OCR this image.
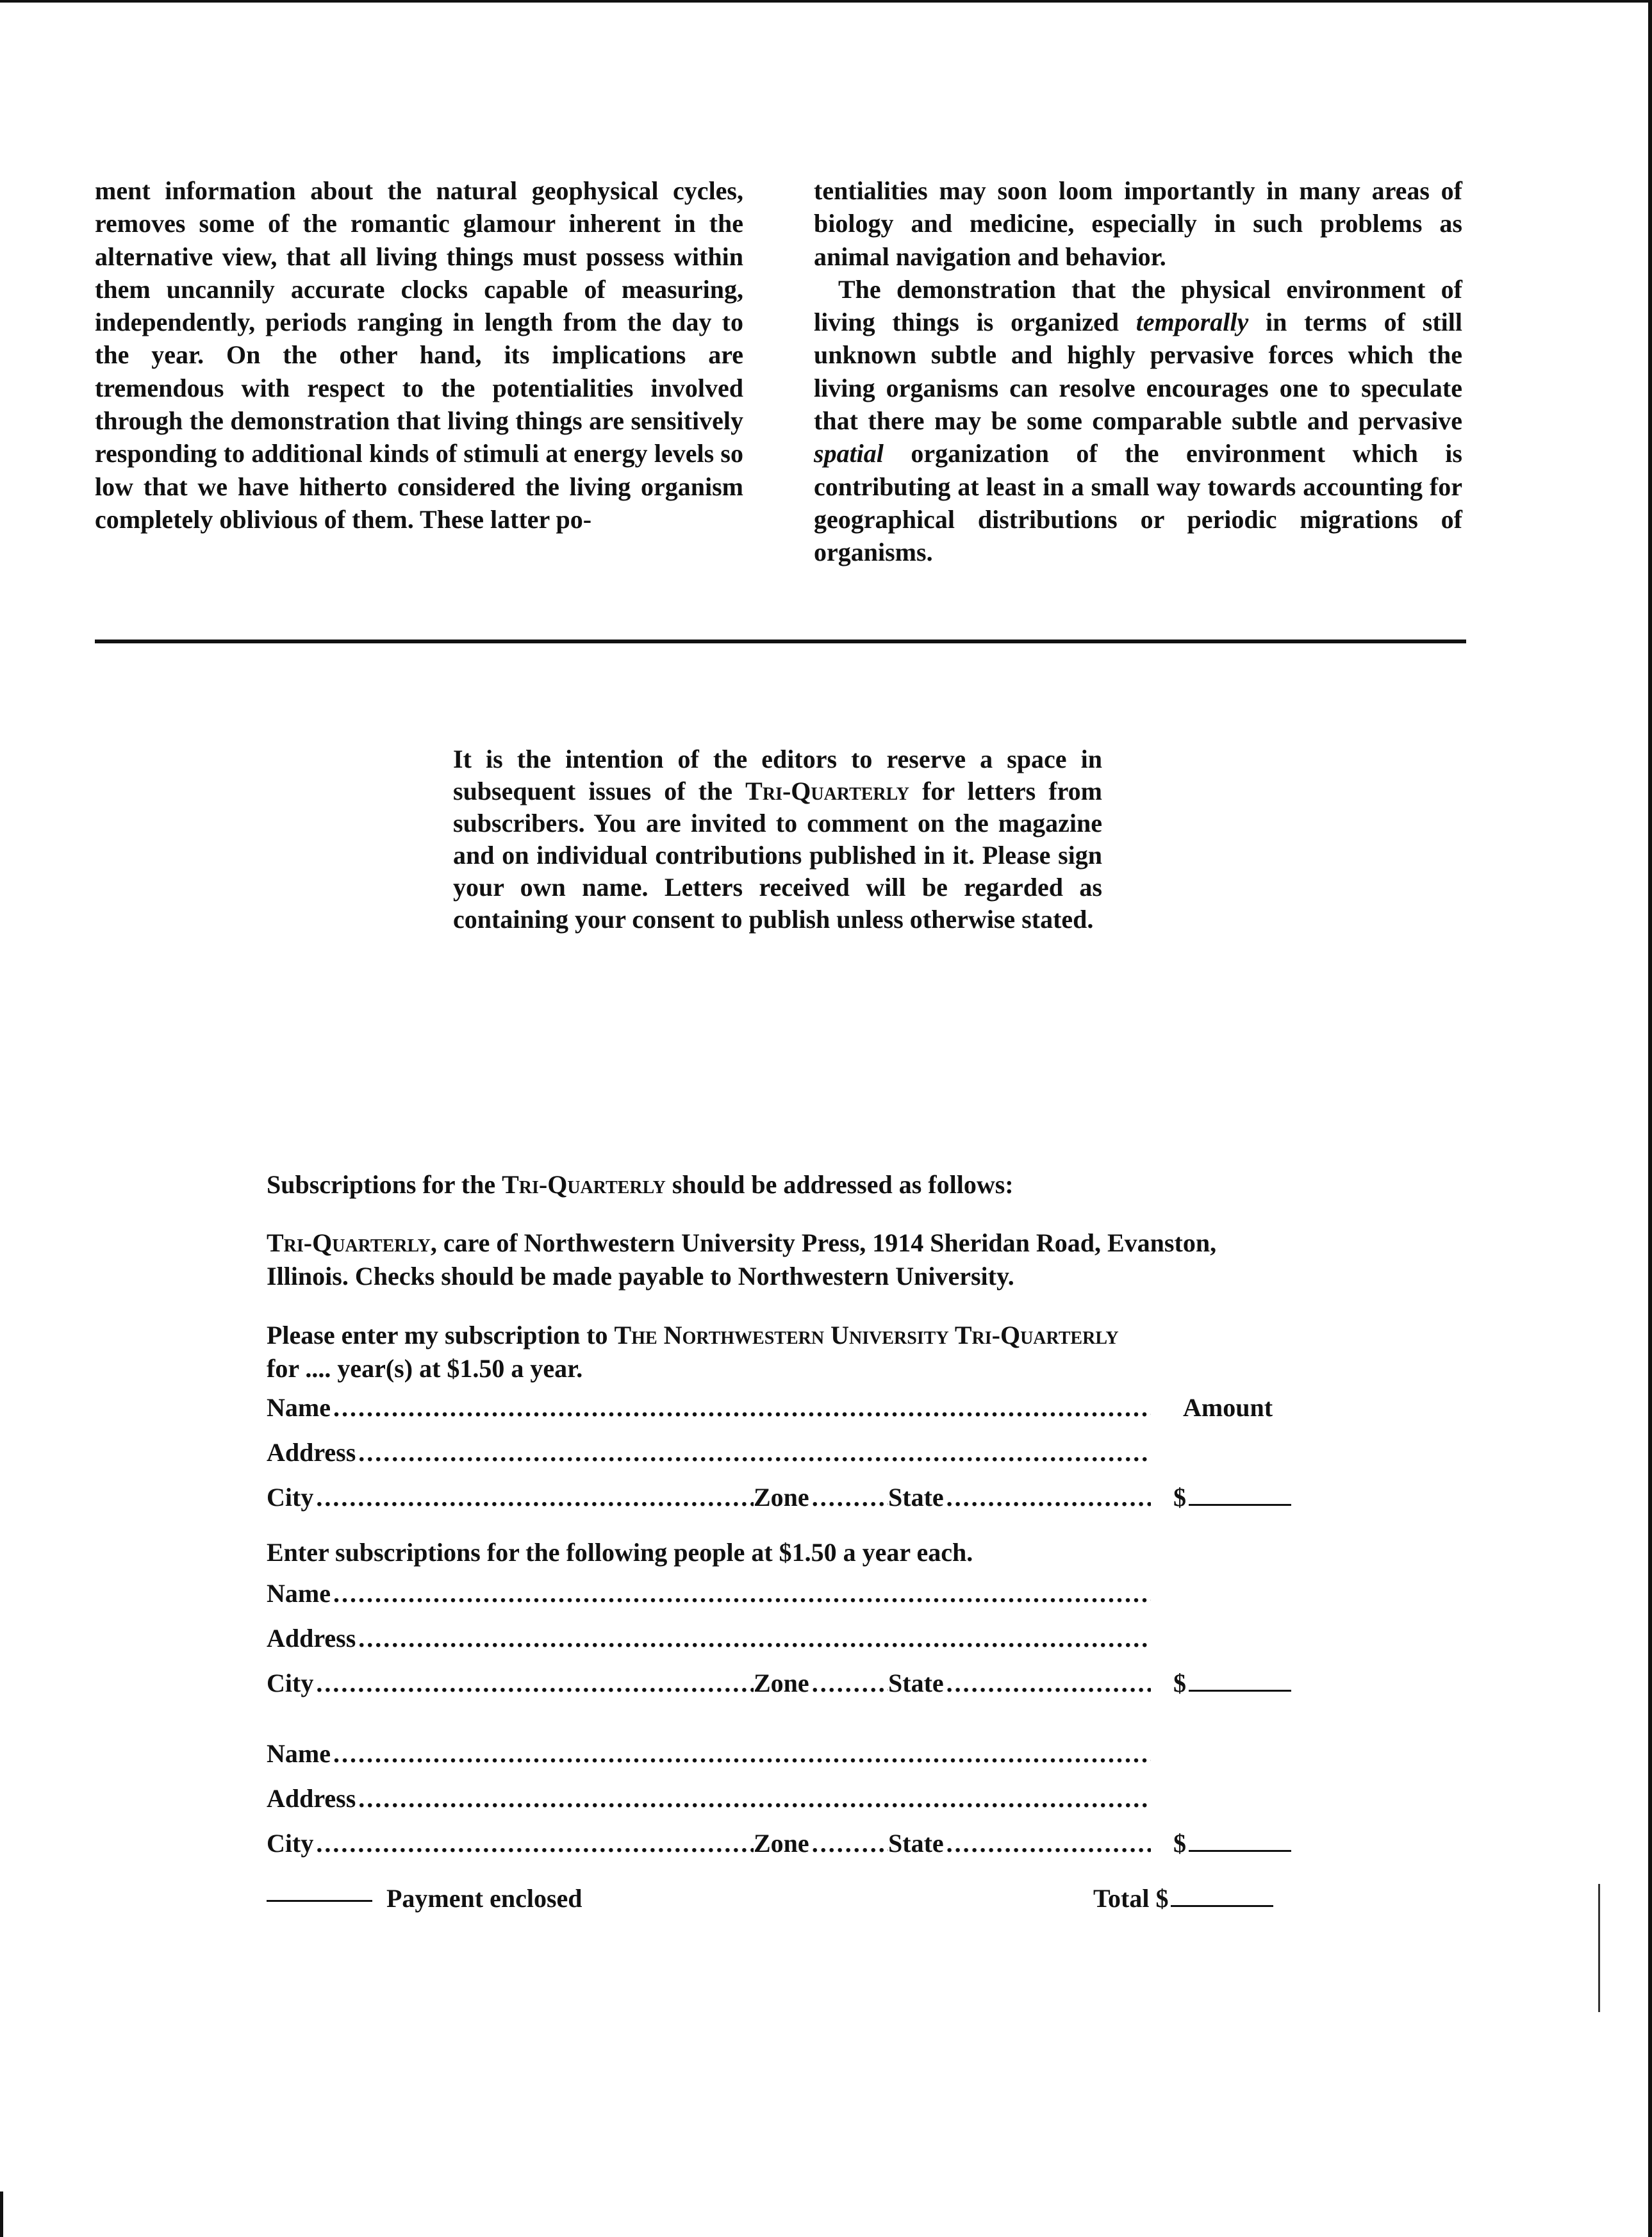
ment information about the natural geophysical cycles, removes some of the romantic glamour inherent in the alternative view, that all living things must possess within them uncannily accurate clocks capable of measuring, independently, periods ranging in length from the day to the year. On the other hand, its implications are tremendous with respect to the potentialities involved through the demonstration that living things are sensitively responding to additional kinds of stimuli at energy levels so low that we have hitherto considered the living organism completely oblivious of them. These latter po-

tentialities may soon loom importantly in many areas of biology and medicine, especially in such problems as animal navigation and behavior.

The demonstration that the physical environment of living things is organized temporally in terms of still unknown subtle and highly pervasive forces which the living organisms can resolve encourages one to speculate that there may be some comparable subtle and pervasive spatial organization of the environment which is contributing at least in a small way towards accounting for geographical distributions or periodic migrations of organisms.

It is the intention of the editors to reserve a space in subsequent issues of the Tri-Quarterly for letters from subscribers. You are invited to comment on the magazine and on individual contributions published in it. Please sign your own name. Letters received will be regarded as containing your consent to publish unless otherwise stated.

Subscriptions for the Tri-Quarterly should be addressed as follows:

Tri-Quarterly, care of Northwestern University Press, 1914 Sheridan Road, Evanston, Illinois. Checks should be made payable to Northwestern University.

Please enter my subscription to The Northwestern University Tri-Quarterly
for .... year(s) at $1.50 a year.

Name .....	Amount
Address .....
City .....	Zone .....	State .....	$

Enter subscriptions for the following people at $1.50 a year each.

Name .....
Address .....
City .....	Zone .....	State .....	$
Name .....
Address .....
City .....	Zone .....	State .....	$
Payment enclosed	Total $
